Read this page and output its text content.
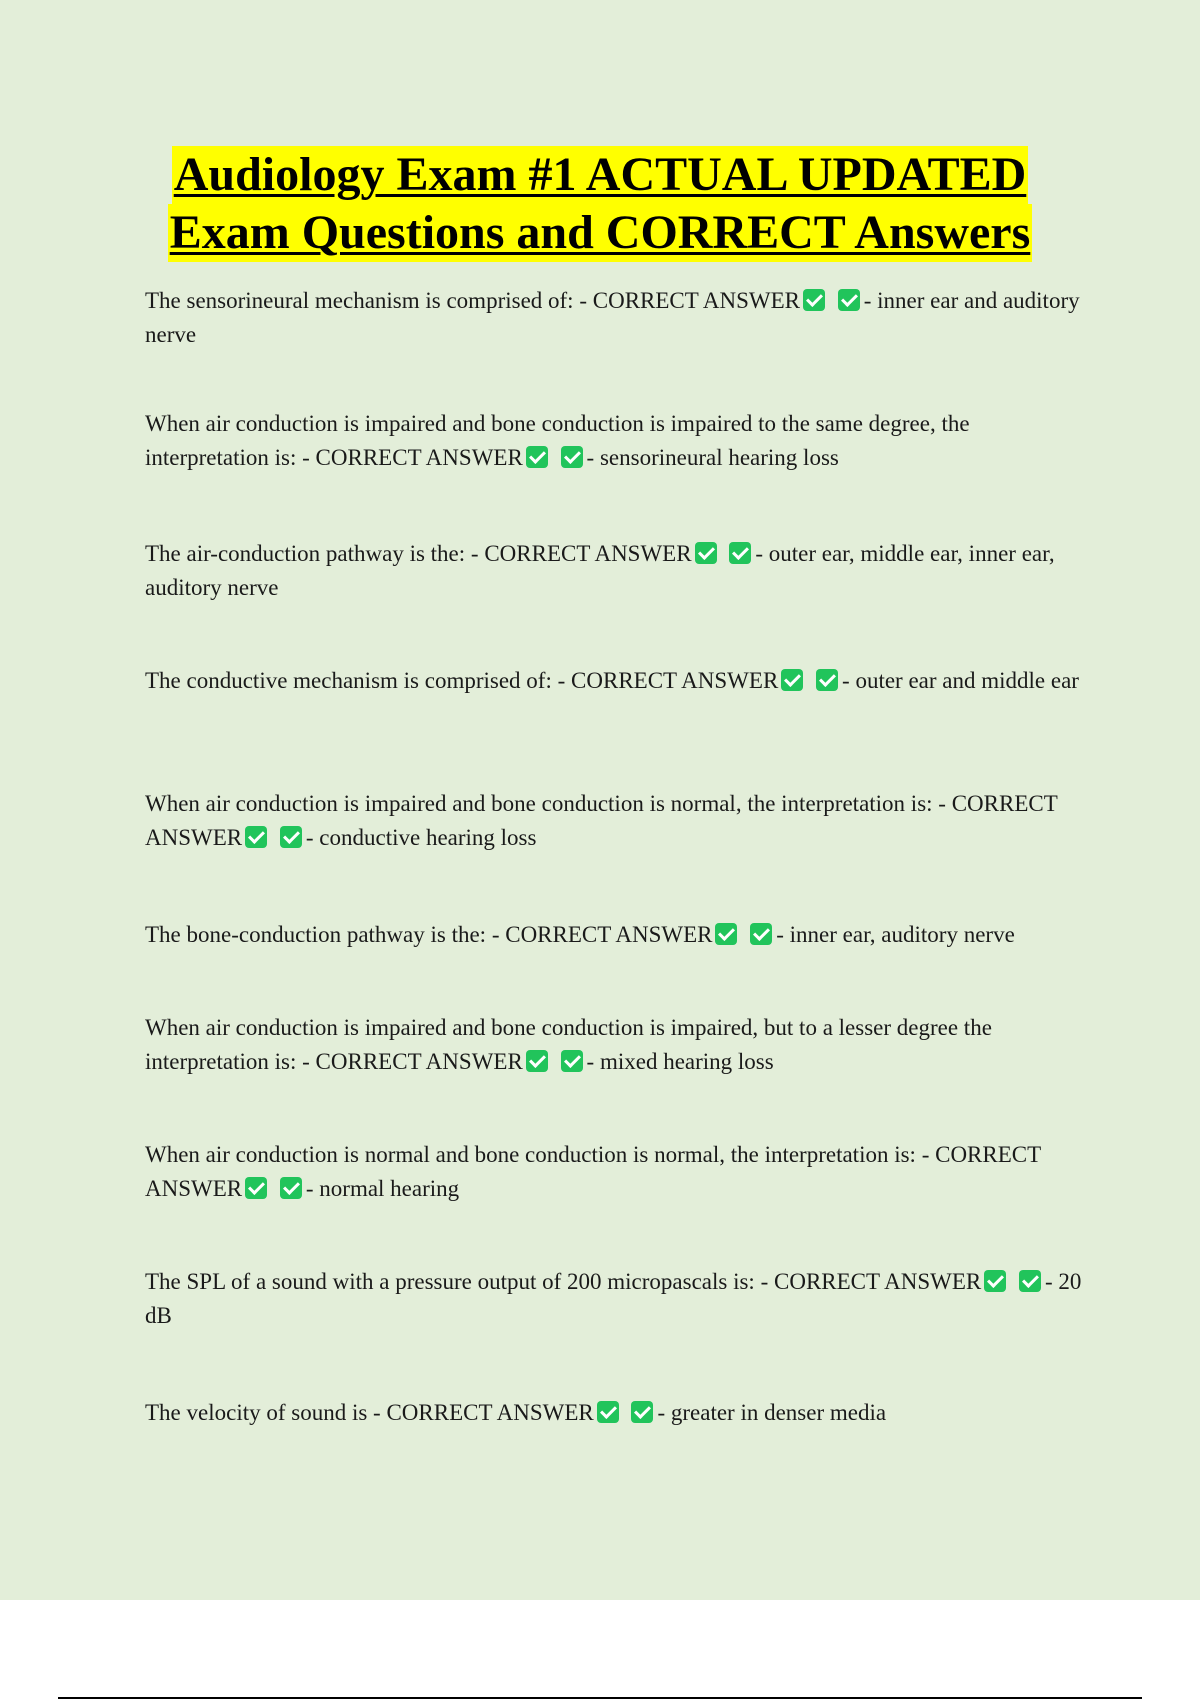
Audiology Exam #1 ACTUAL UPDATED
Exam Questions and CORRECT Answers

The sensorineural mechanism is comprised of: - CORRECT ANSWER	- inner ear and auditory nerve

When air conduction is impaired and bone conduction is impaired to the same degree, the interpretation is: - CORRECT ANSWER	- sensorineural hearing loss

The air-conduction pathway is the: - CORRECT ANSWER	- outer ear, middle ear, inner ear, auditory nerve

The conductive mechanism is comprised of: - CORRECT ANSWER	- outer ear and middle ear

When air conduction is impaired and bone conduction is normal, the interpretation is: - CORRECT ANSWER	- conductive hearing loss

The bone-conduction pathway is the: - CORRECT ANSWER	- inner ear, auditory nerve

When air conduction is impaired and bone conduction is impaired, but to a lesser degree the interpretation is: - CORRECT ANSWER	- mixed hearing loss

When air conduction is normal and bone conduction is normal, the interpretation is: - CORRECT ANSWER	- normal hearing

The SPL of a sound with a pressure output of 200 micropascals is: - CORRECT ANSWER	- 20 dB

The velocity of sound is - CORRECT ANSWER	- greater in denser media
